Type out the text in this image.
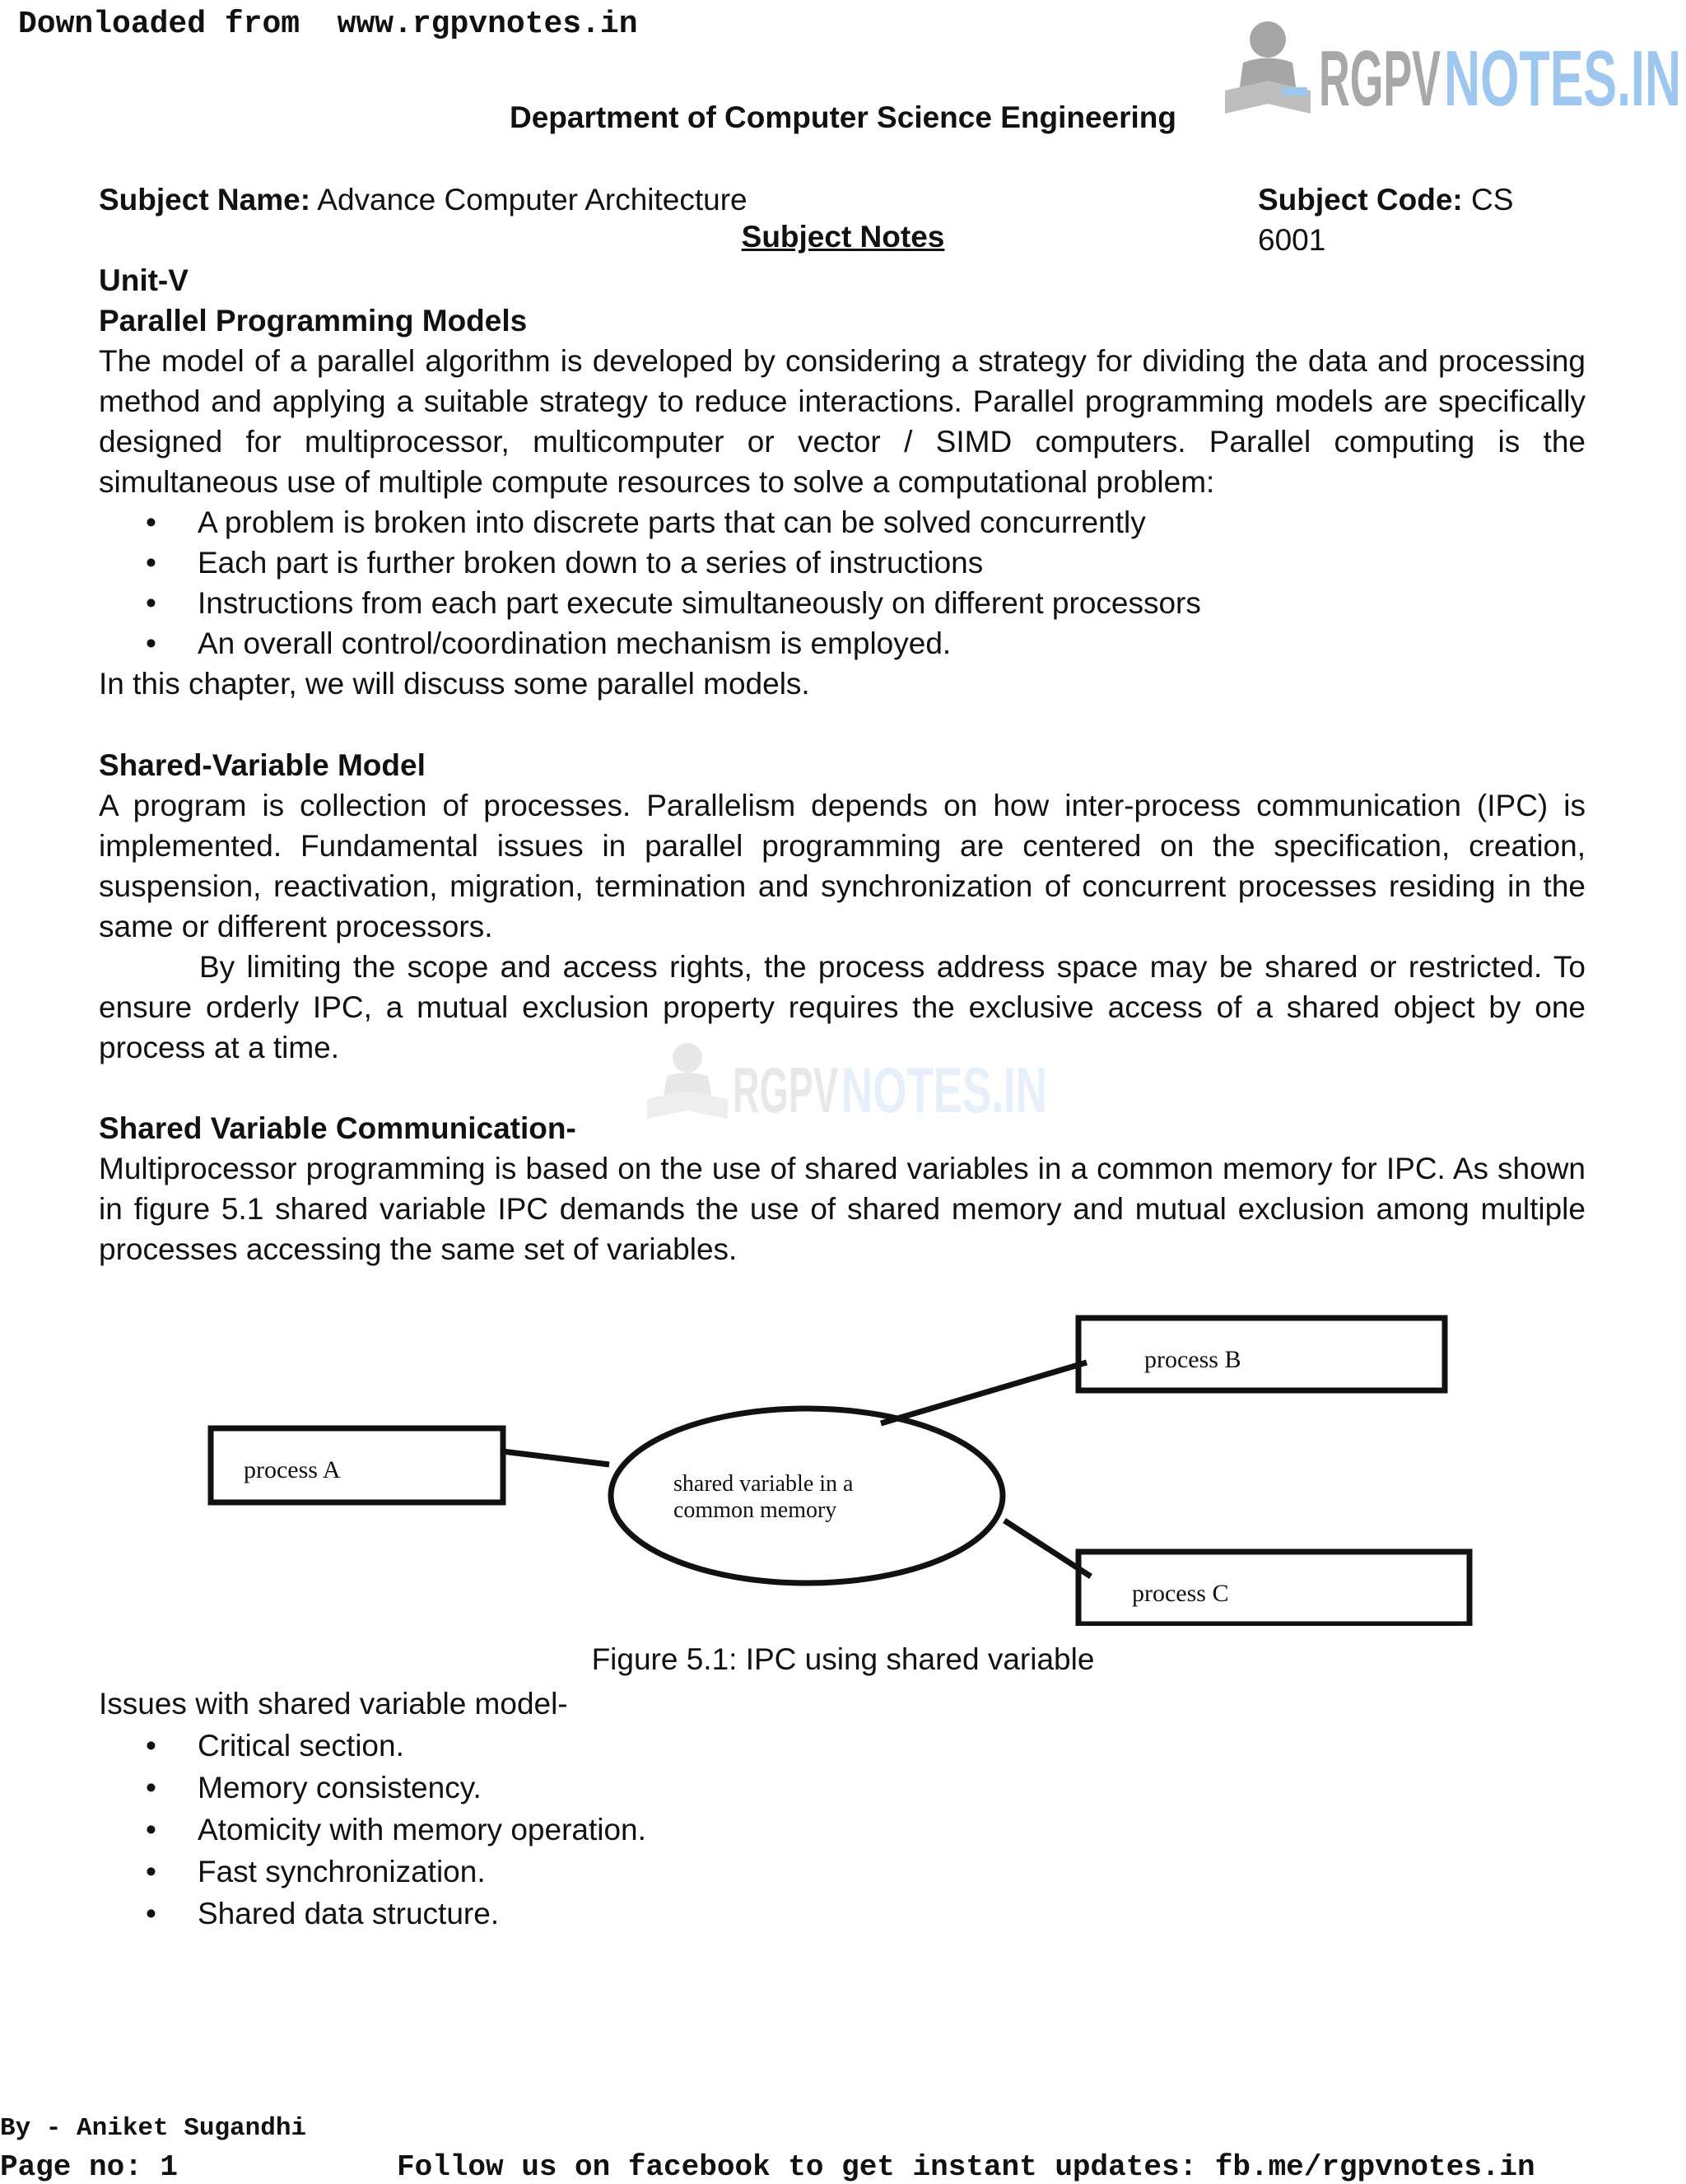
Downloaded from  www.rgpvnotes.in
RGPV NOTES.IN
Department of Computer Science Engineering
Subject Name: Advance Computer Architecture	Subject Code: CS 6001
Subject Notes
Unit-V
Parallel Programming Models

The model of a parallel algorithm is developed by considering a strategy for dividing the data and processing method and applying a suitable strategy to reduce interactions. Parallel programming models are specifically designed for multiprocessor, multicomputer or vector / SIMD computers. Parallel computing is the simultaneous use of multiple compute resources to solve a computational problem:

• A problem is broken into discrete parts that can be solved concurrently
• Each part is further broken down to a series of instructions
• Instructions from each part execute simultaneously on different processors
• An overall control/coordination mechanism is employed.

In this chapter, we will discuss some parallel models.

Shared-Variable Model

A program is collection of processes. Parallelism depends on how inter-process communication (IPC) is implemented. Fundamental issues in parallel programming are centered on the specification, creation, suspension, reactivation, migration, termination and synchronization of concurrent processes residing in the same or different processors.

By limiting the scope and access rights, the process address space may be shared or restricted. To ensure orderly IPC, a mutual exclusion property requires the exclusive access of a shared object by one process at a time.

RGPV NOTES.IN
Shared Variable Communication-

Multiprocessor programming is based on the use of shared variables in a common memory for IPC. As shown in figure 5.1 shared variable IPC demands the use of shared memory and mutual exclusion among multiple processes accessing the same set of variables.

process A
process B
process C
shared variable in a
common memory
Figure 5.1: IPC using shared variable

Issues with shared variable model-

• Critical section.
• Memory consistency.
• Atomicity with memory operation.
• Fast synchronization.
• Shared data structure.
By - Aniket Sugandhi
Page no: 1	Follow us on facebook to get instant updates: fb.me/rgpvnotes.in
